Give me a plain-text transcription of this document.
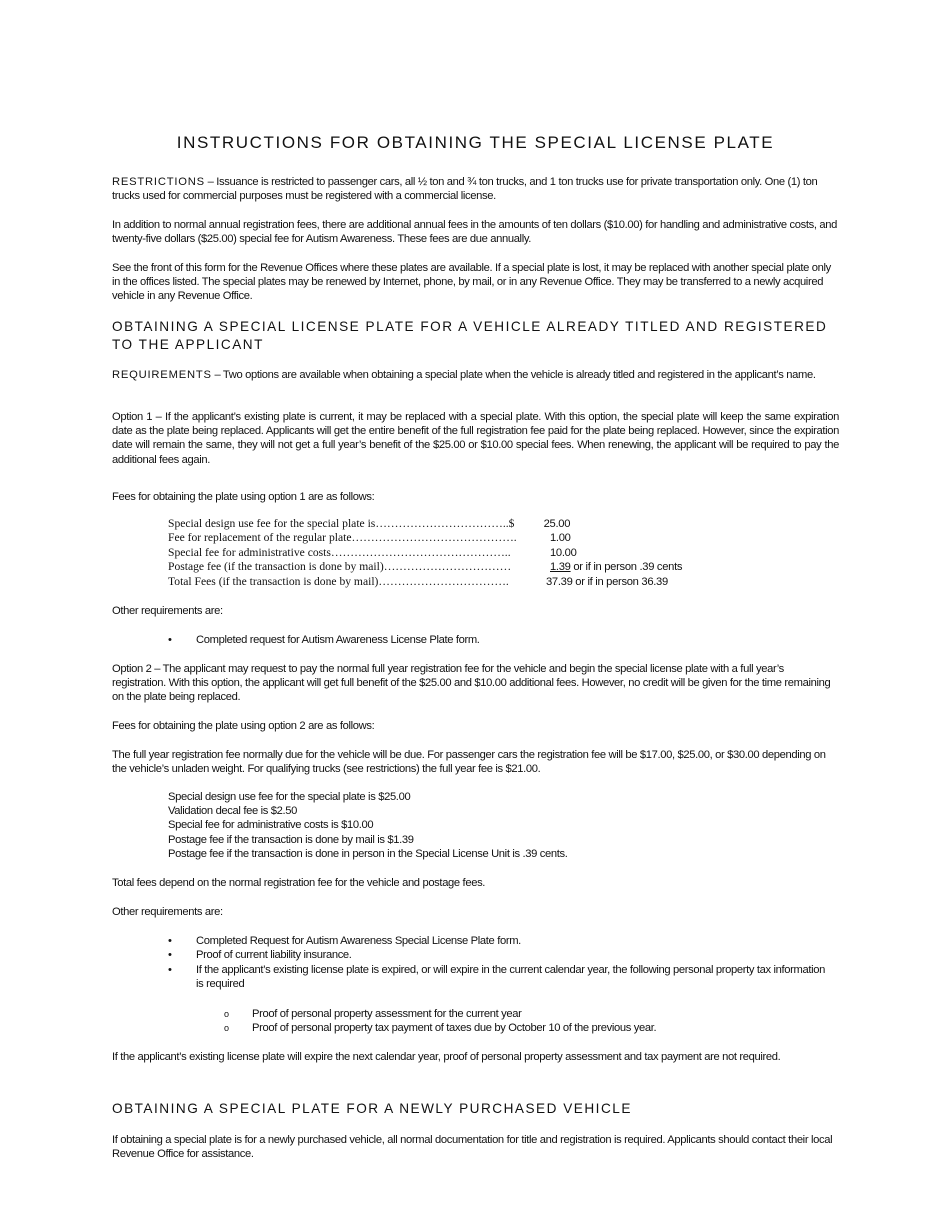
INSTRUCTIONS FOR OBTAINING THE SPECIAL LICENSE PLATE
RESTRICTIONS – Issuance is restricted to passenger cars, all ½ ton and ¾ ton trucks, and 1 ton trucks use for private transportation only. One (1) ton trucks used for commercial purposes must be registered with a commercial license.
In addition to normal annual registration fees, there are additional annual fees in the amounts of ten dollars ($10.00) for handling and administrative costs, and twenty-five dollars ($25.00) special fee for Autism Awareness. These fees are due annually.
See the front of this form for the Revenue Offices where these plates are available. If a special plate is lost, it may be replaced with another special plate only in the offices listed. The special plates may be renewed by Internet, phone, by mail, or in any Revenue Office. They may be transferred to a newly acquired vehicle in any Revenue Office.
OBTAINING A SPECIAL LICENSE PLATE FOR A VEHICLE ALREADY TITLED AND REGISTERED TO THE APPLICANT
REQUIREMENTS – Two options are available when obtaining a special plate when the vehicle is already titled and registered in the applicant’s name.
Option 1 – If the applicant’s existing plate is current, it may be replaced with a special plate. With this option, the special plate will keep the same expiration date as the plate being replaced. Applicants will get the entire benefit of the full registration fee paid for the plate being replaced. However, since the expiration date will remain the same, they will not get a full year’s benefit of the $25.00 or $10.00 special fees. When renewing, the applicant will be required to pay the additional fees again.
Fees for obtaining the plate using option 1 are as follows:
Special design use fee for the special plate is……………………………..$	25.00
Fee for replacement of the regular plate…………………………………….	1.00
Special fee for administrative costs………………………………………..	10.00
Postage fee (if the transaction is done by mail)……………………………	1.39 or if in person .39 cents
Total Fees (if the transaction is done by mail)…………………………….	37.39 or if in person 36.39
Other requirements are:
• Completed request for Autism Awareness License Plate form.
Option 2 – The applicant may request to pay the normal full year registration fee for the vehicle and begin the special license plate with a full year’s registration. With this option, the applicant will get full benefit of the $25.00 and $10.00 additional fees. However, no credit will be given for the time remaining on the plate being replaced.
Fees for obtaining the plate using option 2 are as follows:
The full year registration fee normally due for the vehicle will be due. For passenger cars the registration fee will be $17.00, $25.00, or $30.00 depending on the vehicle’s unladen weight. For qualifying trucks (see restrictions) the full year fee is $21.00.
Special design use fee for the special plate is $25.00
Validation decal fee is $2.50
Special fee for administrative costs is $10.00
Postage fee if the transaction is done by mail is $1.39
Postage fee if the transaction is done in person in the Special License Unit is .39 cents.
Total fees depend on the normal registration fee for the vehicle and postage fees.
Other requirements are:
• Completed Request for Autism Awareness Special License Plate form.
• Proof of current liability insurance.
• If the applicant’s existing license plate is expired, or will expire in the current calendar year, the following personal property tax information is required
o Proof of personal property assessment for the current year
o Proof of personal property tax payment of taxes due by October 10 of the previous year.
If the applicant’s existing license plate will expire the next calendar year, proof of personal property assessment and tax payment are not required.
OBTAINING A SPECIAL PLATE FOR A NEWLY PURCHASED VEHICLE
If obtaining a special plate is for a newly purchased vehicle, all normal documentation for title and registration is required. Applicants should contact their local Revenue Office for assistance.
